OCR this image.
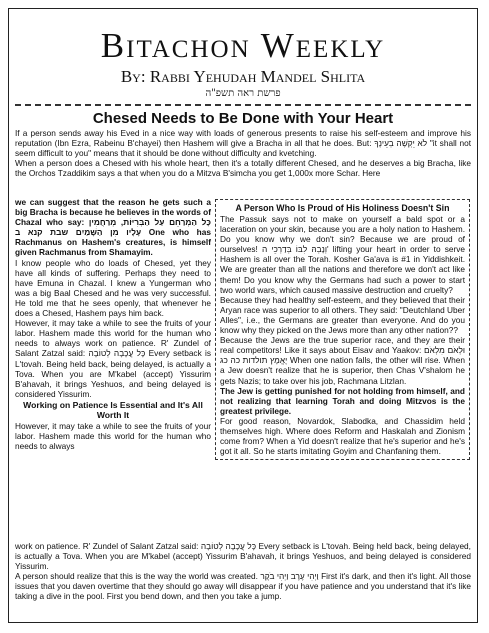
Bitachon Weekly
By: Rabbi Yehudah Mandel Shlita
פרשת ראה תשפ"ה
Chesed Needs to Be Done with Your Heart

If a person sends away his Eved in a nice way with loads of generous presents to raise his self-esteem and improve his reputation (Ibn Ezra, Rabeinu B'chayei) then Hashem will give a Bracha in all that he does. But: לֹא יֵקְשֶׁה בְעֵינֶךָ "it shall not seem difficult to you" means that it should be done without difficulty and kvetching.

When a person does a Chesed with his whole heart, then it's a totally different Chesed, and he deserves a big Bracha, like the Orchos Tzaddikim says a that when you do a Mitzva B'simcha you get 1,000x more Schar. Here

we can suggest that the reason he gets such a big Bracha is because he believes in the words of Chazal who say: כָּל הַמְרַחֵם עַל הַבְּרִיּוֹת, מְרַחֲמִין עָלָיו מִן הַשָּׁמַיִם שבת קנא ב One who has Rachmanus on Hashem's creatures, is himself given Rachmanus from Shamayim.

I know people who do loads of Chesed, yet they have all kinds of suffering. Perhaps they need to have Emuna in Chazal. I knew a Yungerman who was a big Baal Chesed and he was very successful. He told me that he sees openly, that whenever he does a Chesed, Hashem pays him back.

However, it may take a while to see the fruits of your labor. Hashem made this world for the human who needs to always work on patience. R' Zundel of Salant Zatzal said: כָּל עֲכָבָה לְטוֹבָה Every setback is L'tovah. Being held back, being delayed, is actually a Tova. When you are M'kabel (accept) Yissurim B'ahavah, it brings Yeshuos, and being delayed is considered Yissurim.

Working on Patience Is Essential and It's All Worth It

However, it may take a while to see the fruits of your labor. Hashem made this world for the human who needs to always

A Person Who Is Proud of His Holiness Doesn't Sin

The Passuk says not to make on yourself a bald spot or a laceration on your skin, because you are a holy nation to Hashem. Do you know why we don't sin? Because we are proud of ourselves! וְנָבְהּ לִבּוֹ בְּדַרְכֵי ה' lifting your heart in order to serve Hashem is all over the Torah. Kosher Ga'ava is #1 in Yiddishkeit. We are greater than all the nations and therefore we don't act like them! Do you know why the Germans had such a power to start two world wars, which caused massive destruction and cruelty?

Because they had healthy self-esteem, and they believed that their Aryan race was superior to all others. They said: "Deutchland Uber Alles", i.e., the Germans are greater than everyone. And do you know why they picked on the Jews more than any other nation??

Because the Jews are the true superior race, and they are their real competitors! Like it says about Eisav and Yaakov: וּלְאֹם מִלְאֹם יֶאֱמָץ תולדות כה כג When one nation falls, the other will rise. When a Jew doesn't realize that he is superior, then Chas V'shalom he gets Nazis; to take over his job, Rachmana Litzlan.

The Jew is getting punished for not holding from himself, and not realizing that learning Torah and doing Mitzvos is the greatest privilege.

For good reason, Novardok, Slabodka, and Chassidim held themselves high. Where does Reform and Haskalah and Zionism come from? When a Yid doesn't realize that he's superior and he's got it all. So he starts imitating Goyim and Chanfaning them.

work on patience. R' Zundel of Salant Zatzal said: כָּל עֲכָבָה לְטוֹבָה Every setback is L'tovah. Being held back, being delayed, is actually a Tova. When you are M'kabel (accept) Yissurim B'ahavah, it brings Yeshuos, and being delayed is considered Yissurim.

A person should realize that this is the way the world was created. וַיְהִי עֶרֶב וַיְהִי בֹקֶר First it's dark, and then it's light. All those issues that you daven overtime that they should go away will disappear if you have patience and you understand that it's like taking a dive in the pool. First you bend down, and then you take a jump.
